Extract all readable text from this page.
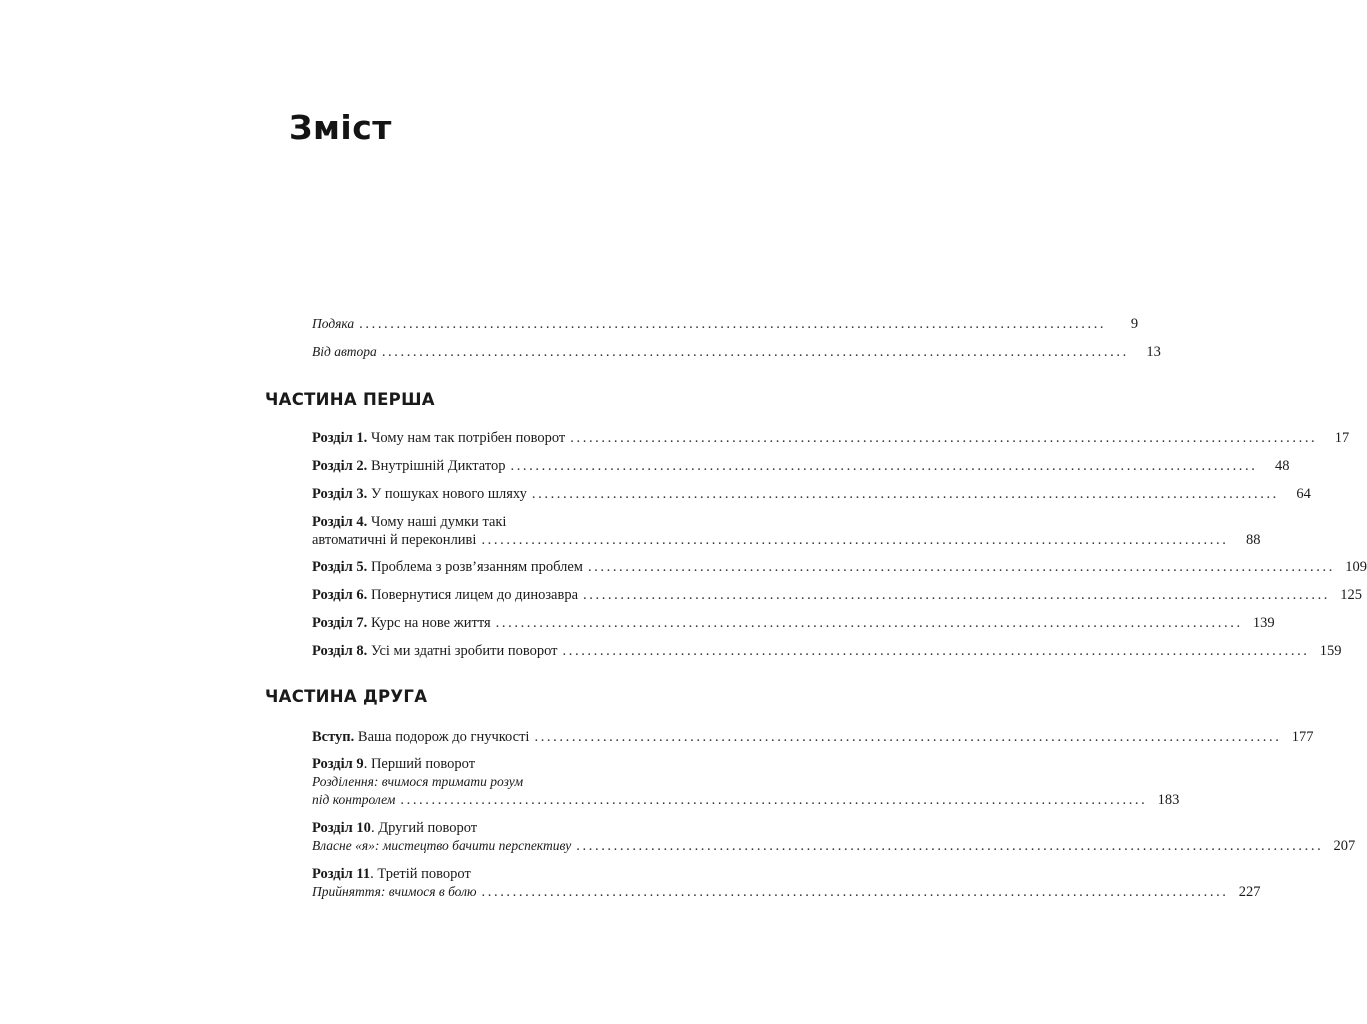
Зміст
Подяка ........................................................................................................................	9
Від автора ........................................................................................................................	13
ЧАСТИНА ПЕРША
Розділ 1. Чому нам так потрібен поворот ........................................................................................................................	17
Розділ 2. Внутрішній Диктатор ........................................................................................................................	48
Розділ 3. У пошуках нового шляху ........................................................................................................................	64
Розділ 4. Чому наші думки такі
автоматичні й переконливі ........................................................................................................................	88
Розділ 5. Проблема з розв’язанням проблем ........................................................................................................................ 109
Розділ 6. Повернутися лицем до динозавра ........................................................................................................................ 125
Розділ 7. Курс на нове життя ........................................................................................................................ 139
Розділ 8. Усі ми здатні зробити поворот ........................................................................................................................ 159
ЧАСТИНА ДРУГА
Вступ. Ваша подорож до гнучкості ........................................................................................................................ 177
Розділ 9. Перший поворот
Розділення: вчимося тримати розум
під контролем ........................................................................................................................ 183
Розділ 10. Другий поворот
Власне «я»: мистецтво бачити перспективу ........................................................................................................................ 207
Розділ 11. Третій поворот
Прийняття: вчимося в болю ........................................................................................................................ 227
